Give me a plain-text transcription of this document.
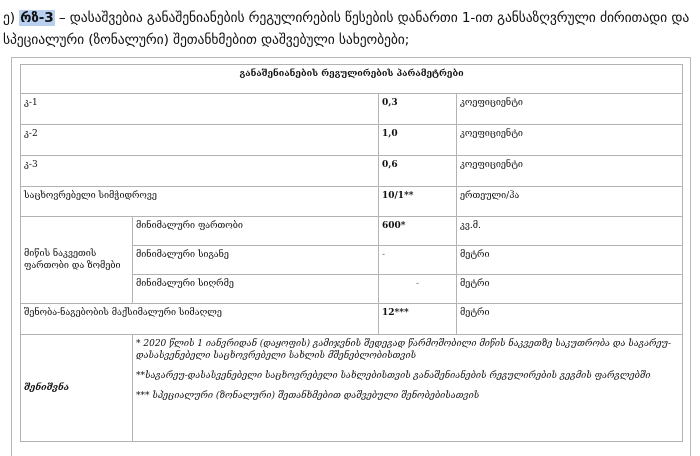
ე) რზ-3 – დასაშვებია განაშენიანების რეგულირების წესების დანართი 1-ით განსაზღვრული ძირითადი და სპეციალური (ზონალური) შეთანხმებით დაშვებული სახეობები;
განაშენიანების რეგულირების პარამეტრები			
კ-1		0,3	კოეფიციენტი
კ-2		1,0	კოეფიციენტი
კ-3		0,6	კოეფიციენტი
საცხოვრებელი სიმჭიდროვე		10/1**	ერთეული/ჰა
მიწის ნაკვეთის ფართობი და ზომები	მინიმალური ფართობი	600*	კვ.მ.
	მინიმალური სიგანე	-	მეტრი
	მინიმალური სიღრმე	-	მეტრი
შენობა-ნაგებობის მაქსიმალური სიმაღლე		12***	მეტრი
შენიშვნა	* 2020 წლის 1 იანვრიდან (დაყოფის) გამიჯვნის შედეგად წარმოშობილი მიწის ნაკვეთზე საკუთრობა და საგარეუ-დასასვენებელი საცხოვრებელი სახლის მშენებლობისთვის

**საგარეუ-დასასვენებელი საცხოვრებელი სახლებისთვის განაშენიანების რეგულირების გეგმის ფარგლებში

*** სპეციალური (ზონალური) შეთანხმებით დაშვებული შენობებისათვის		
